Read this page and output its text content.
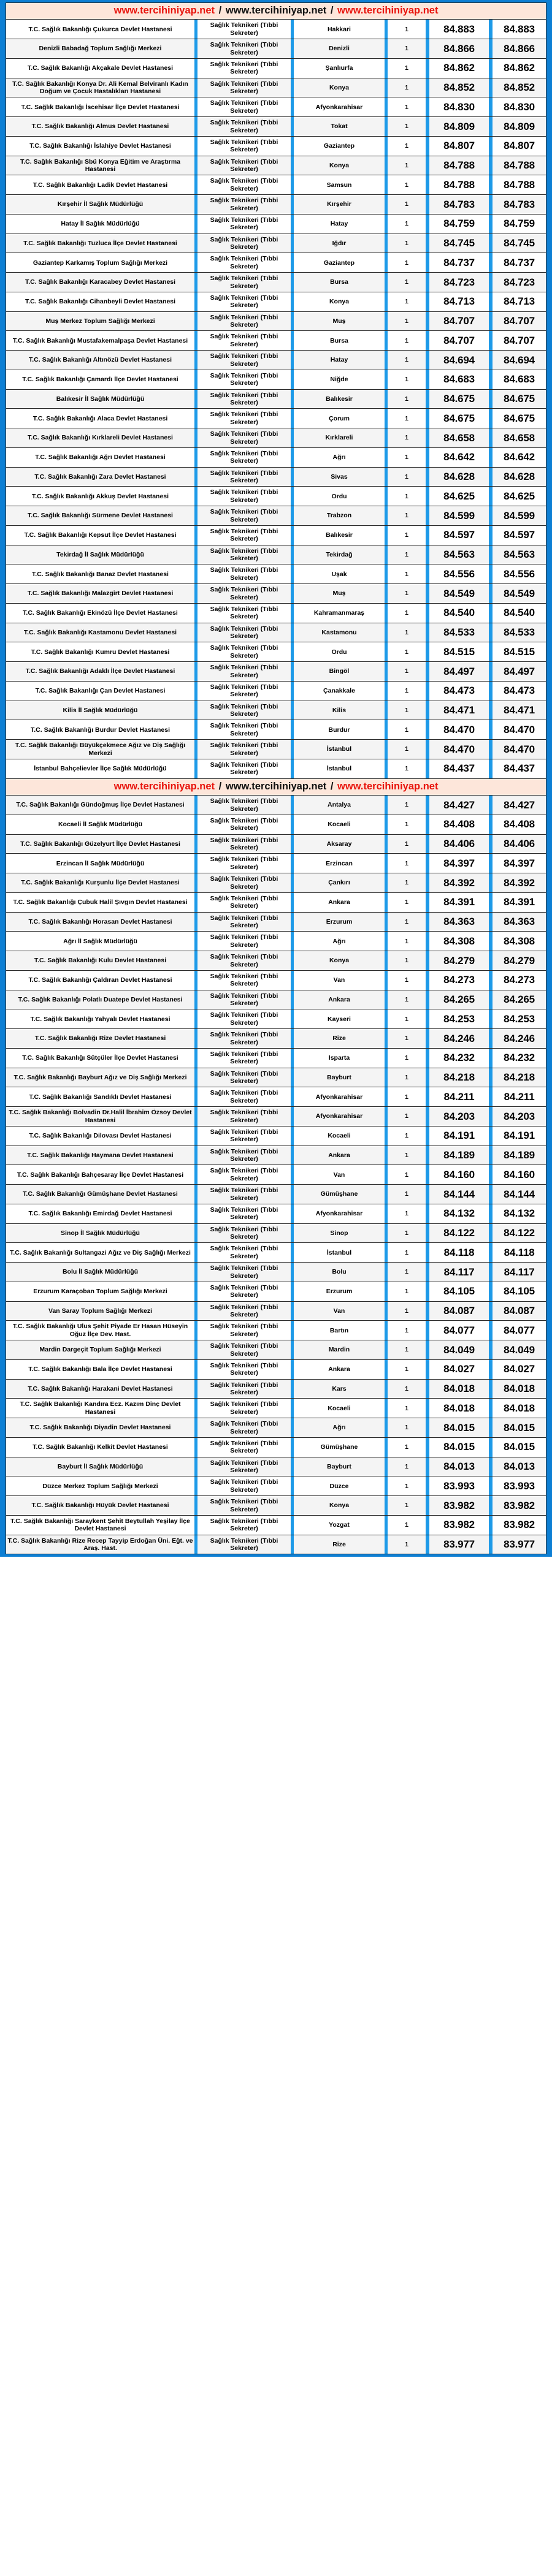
www.tercihiniyap.net / www.tercihiniyap.net / www.tercihiniyap.net										

T.C. Sağlık Bakanlığı Çukurca Devlet Hastanesi		Sağlık Teknikeri (Tıbbi Sekreter)		Hakkari		1		84.883		84.883
Denizli Babadağ Toplum Sağlığı Merkezi		Sağlık Teknikeri (Tıbbi Sekreter)		Denizli		1		84.866		84.866
T.C. Sağlık Bakanlığı Akçakale Devlet Hastanesi		Sağlık Teknikeri (Tıbbi Sekreter)		Şanlıurfa		1		84.862		84.862
T.C. Sağlık Bakanlığı Konya Dr. Ali Kemal Belviranlı Kadın Doğum ve Çocuk Hastalıkları Hastanesi		Sağlık Teknikeri (Tıbbi Sekreter)		Konya		1		84.852		84.852
T.C. Sağlık Bakanlığı İscehisar İlçe Devlet Hastanesi		Sağlık Teknikeri (Tıbbi Sekreter)		Afyonkarahisar		1		84.830		84.830
T.C. Sağlık Bakanlığı Almus Devlet Hastanesi		Sağlık Teknikeri (Tıbbi Sekreter)		Tokat		1		84.809		84.809
T.C. Sağlık Bakanlığı İslahiye Devlet Hastanesi		Sağlık Teknikeri (Tıbbi Sekreter)		Gaziantep		1		84.807		84.807
T.C. Sağlık Bakanlığı Sbü Konya Eğitim ve Araştırma Hastanesi		Sağlık Teknikeri (Tıbbi Sekreter)		Konya		1		84.788		84.788
T.C. Sağlık Bakanlığı Ladik Devlet Hastanesi		Sağlık Teknikeri (Tıbbi Sekreter)		Samsun		1		84.788		84.788
Kırşehir İl Sağlık Müdürlüğü		Sağlık Teknikeri (Tıbbi Sekreter)		Kırşehir		1		84.783		84.783
Hatay İl Sağlık Müdürlüğü		Sağlık Teknikeri (Tıbbi Sekreter)		Hatay		1		84.759		84.759
T.C. Sağlık Bakanlığı Tuzluca İlçe Devlet Hastanesi		Sağlık Teknikeri (Tıbbi Sekreter)		Iğdır		1		84.745		84.745
Gaziantep Karkamış Toplum Sağlığı Merkezi		Sağlık Teknikeri (Tıbbi Sekreter)		Gaziantep		1		84.737		84.737
T.C. Sağlık Bakanlığı Karacabey Devlet Hastanesi		Sağlık Teknikeri (Tıbbi Sekreter)		Bursa		1		84.723		84.723
T.C. Sağlık Bakanlığı Cihanbeyli Devlet Hastanesi		Sağlık Teknikeri (Tıbbi Sekreter)		Konya		1		84.713		84.713
Muş Merkez Toplum Sağlığı Merkezi		Sağlık Teknikeri (Tıbbi Sekreter)		Muş		1		84.707		84.707
T.C. Sağlık Bakanlığı Mustafakemalpaşa Devlet Hastanesi		Sağlık Teknikeri (Tıbbi Sekreter)		Bursa		1		84.707		84.707
T.C. Sağlık Bakanlığı Altınözü Devlet Hastanesi		Sağlık Teknikeri (Tıbbi Sekreter)		Hatay		1		84.694		84.694
T.C. Sağlık Bakanlığı Çamardı İlçe Devlet Hastanesi		Sağlık Teknikeri (Tıbbi Sekreter)		Niğde		1		84.683		84.683
Balıkesir İl Sağlık Müdürlüğü		Sağlık Teknikeri (Tıbbi Sekreter)		Balıkesir		1		84.675		84.675
T.C. Sağlık Bakanlığı Alaca Devlet Hastanesi		Sağlık Teknikeri (Tıbbi Sekreter)		Çorum		1		84.675		84.675
T.C. Sağlık Bakanlığı Kırklareli Devlet Hastanesi		Sağlık Teknikeri (Tıbbi Sekreter)		Kırklareli		1		84.658		84.658
T.C. Sağlık Bakanlığı Ağrı Devlet Hastanesi		Sağlık Teknikeri (Tıbbi Sekreter)		Ağrı		1		84.642		84.642
T.C. Sağlık Bakanlığı Zara Devlet Hastanesi		Sağlık Teknikeri (Tıbbi Sekreter)		Sivas		1		84.628		84.628
T.C. Sağlık Bakanlığı Akkuş Devlet Hastanesi		Sağlık Teknikeri (Tıbbi Sekreter)		Ordu		1		84.625		84.625
T.C. Sağlık Bakanlığı Sürmene Devlet Hastanesi		Sağlık Teknikeri (Tıbbi Sekreter)		Trabzon		1		84.599		84.599
T.C. Sağlık Bakanlığı Kepsut İlçe Devlet Hastanesi		Sağlık Teknikeri (Tıbbi Sekreter)		Balıkesir		1		84.597		84.597
Tekirdağ İl Sağlık Müdürlüğü		Sağlık Teknikeri (Tıbbi Sekreter)		Tekirdağ		1		84.563		84.563
T.C. Sağlık Bakanlığı Banaz Devlet Hastanesi		Sağlık Teknikeri (Tıbbi Sekreter)		Uşak		1		84.556		84.556
T.C. Sağlık Bakanlığı Malazgirt Devlet Hastanesi		Sağlık Teknikeri (Tıbbi Sekreter)		Muş		1		84.549		84.549
T.C. Sağlık Bakanlığı Ekinözü İlçe Devlet Hastanesi		Sağlık Teknikeri (Tıbbi Sekreter)		Kahramanmaraş		1		84.540		84.540
T.C. Sağlık Bakanlığı Kastamonu Devlet Hastanesi		Sağlık Teknikeri (Tıbbi Sekreter)		Kastamonu		1		84.533		84.533
T.C. Sağlık Bakanlığı Kumru Devlet Hastanesi		Sağlık Teknikeri (Tıbbi Sekreter)		Ordu		1		84.515		84.515
T.C. Sağlık Bakanlığı Adaklı İlçe Devlet Hastanesi		Sağlık Teknikeri (Tıbbi Sekreter)		Bingöl		1		84.497		84.497
T.C. Sağlık Bakanlığı Çan Devlet Hastanesi		Sağlık Teknikeri (Tıbbi Sekreter)		Çanakkale		1		84.473		84.473
Kilis İl Sağlık Müdürlüğü		Sağlık Teknikeri (Tıbbi Sekreter)		Kilis		1		84.471		84.471
T.C. Sağlık Bakanlığı Burdur Devlet Hastanesi		Sağlık Teknikeri (Tıbbi Sekreter)		Burdur		1		84.470		84.470
T.C. Sağlık Bakanlığı Büyükçekmece Ağız ve Diş Sağlığı Merkezi		Sağlık Teknikeri (Tıbbi Sekreter)		İstanbul		1		84.470		84.470
İstanbul Bahçelievler İlçe Sağlık Müdürlüğü		Sağlık Teknikeri (Tıbbi Sekreter)		İstanbul		1		84.437		84.437

www.tercihiniyap.net / www.tercihiniyap.net / www.tercihiniyap.net										

T.C. Sağlık Bakanlığı Gündoğmuş İlçe Devlet Hastanesi		Sağlık Teknikeri (Tıbbi Sekreter)		Antalya		1		84.427		84.427
Kocaeli İl Sağlık Müdürlüğü		Sağlık Teknikeri (Tıbbi Sekreter)		Kocaeli		1		84.408		84.408
T.C. Sağlık Bakanlığı Güzelyurt İlçe Devlet Hastanesi		Sağlık Teknikeri (Tıbbi Sekreter)		Aksaray		1		84.406		84.406
Erzincan İl Sağlık Müdürlüğü		Sağlık Teknikeri (Tıbbi Sekreter)		Erzincan		1		84.397		84.397
T.C. Sağlık Bakanlığı Kurşunlu İlçe Devlet Hastanesi		Sağlık Teknikeri (Tıbbi Sekreter)		Çankırı		1		84.392		84.392
T.C. Sağlık Bakanlığı Çubuk Halil Şıvgın Devlet Hastanesi		Sağlık Teknikeri (Tıbbi Sekreter)		Ankara		1		84.391		84.391
T.C. Sağlık Bakanlığı Horasan Devlet Hastanesi		Sağlık Teknikeri (Tıbbi Sekreter)		Erzurum		1		84.363		84.363
Ağrı İl Sağlık Müdürlüğü		Sağlık Teknikeri (Tıbbi Sekreter)		Ağrı		1		84.308		84.308
T.C. Sağlık Bakanlığı Kulu Devlet Hastanesi		Sağlık Teknikeri (Tıbbi Sekreter)		Konya		1		84.279		84.279
T.C. Sağlık Bakanlığı Çaldıran Devlet Hastanesi		Sağlık Teknikeri (Tıbbi Sekreter)		Van		1		84.273		84.273
T.C. Sağlık Bakanlığı Polatlı Duatepe Devlet Hastanesi		Sağlık Teknikeri (Tıbbi Sekreter)		Ankara		1		84.265		84.265
T.C. Sağlık Bakanlığı Yahyalı Devlet Hastanesi		Sağlık Teknikeri (Tıbbi Sekreter)		Kayseri		1		84.253		84.253
T.C. Sağlık Bakanlığı Rize Devlet Hastanesi		Sağlık Teknikeri (Tıbbi Sekreter)		Rize		1		84.246		84.246
T.C. Sağlık Bakanlığı Sütçüler İlçe Devlet Hastanesi		Sağlık Teknikeri (Tıbbi Sekreter)		Isparta		1		84.232		84.232
T.C. Sağlık Bakanlığı Bayburt Ağız ve Diş Sağlığı Merkezi		Sağlık Teknikeri (Tıbbi Sekreter)		Bayburt		1		84.218		84.218
T.C. Sağlık Bakanlığı Sandıklı Devlet Hastanesi		Sağlık Teknikeri (Tıbbi Sekreter)		Afyonkarahisar		1		84.211		84.211
T.C. Sağlık Bakanlığı Bolvadin Dr.Halil İbrahim Özsoy Devlet Hastanesi		Sağlık Teknikeri (Tıbbi Sekreter)		Afyonkarahisar		1		84.203		84.203
T.C. Sağlık Bakanlığı Dilovası Devlet Hastanesi		Sağlık Teknikeri (Tıbbi Sekreter)		Kocaeli		1		84.191		84.191
T.C. Sağlık Bakanlığı Haymana Devlet Hastanesi		Sağlık Teknikeri (Tıbbi Sekreter)		Ankara		1		84.189		84.189
T.C. Sağlık Bakanlığı Bahçesaray İlçe Devlet Hastanesi		Sağlık Teknikeri (Tıbbi Sekreter)		Van		1		84.160		84.160
T.C. Sağlık Bakanlığı Gümüşhane Devlet Hastanesi		Sağlık Teknikeri (Tıbbi Sekreter)		Gümüşhane		1		84.144		84.144
T.C. Sağlık Bakanlığı Emirdağ Devlet Hastanesi		Sağlık Teknikeri (Tıbbi Sekreter)		Afyonkarahisar		1		84.132		84.132
Sinop İl Sağlık Müdürlüğü		Sağlık Teknikeri (Tıbbi Sekreter)		Sinop		1		84.122		84.122
T.C. Sağlık Bakanlığı Sultangazi Ağız ve Diş Sağlığı Merkezi		Sağlık Teknikeri (Tıbbi Sekreter)		İstanbul		1		84.118		84.118
Bolu İl Sağlık Müdürlüğü		Sağlık Teknikeri (Tıbbi Sekreter)		Bolu		1		84.117		84.117
Erzurum Karaçoban Toplum Sağlığı Merkezi		Sağlık Teknikeri (Tıbbi Sekreter)		Erzurum		1		84.105		84.105
Van Saray Toplum Sağlığı Merkezi		Sağlık Teknikeri (Tıbbi Sekreter)		Van		1		84.087		84.087
T.C. Sağlık Bakanlığı Ulus Şehit Piyade Er Hasan Hüseyin Oğuz İlçe Dev. Hast.		Sağlık Teknikeri (Tıbbi Sekreter)		Bartın		1		84.077		84.077
Mardin Dargeçit Toplum Sağlığı Merkezi		Sağlık Teknikeri (Tıbbi Sekreter)		Mardin		1		84.049		84.049
T.C. Sağlık Bakanlığı Bala İlçe Devlet Hastanesi		Sağlık Teknikeri (Tıbbi Sekreter)		Ankara		1		84.027		84.027
T.C. Sağlık Bakanlığı Harakani Devlet Hastanesi		Sağlık Teknikeri (Tıbbi Sekreter)		Kars		1		84.018		84.018
T.C. Sağlık Bakanlığı Kandıra Ecz. Kazım Dinç Devlet Hastanesi		Sağlık Teknikeri (Tıbbi Sekreter)		Kocaeli		1		84.018		84.018
T.C. Sağlık Bakanlığı Diyadin Devlet Hastanesi		Sağlık Teknikeri (Tıbbi Sekreter)		Ağrı		1		84.015		84.015
T.C. Sağlık Bakanlığı Kelkit Devlet Hastanesi		Sağlık Teknikeri (Tıbbi Sekreter)		Gümüşhane		1		84.015		84.015
Bayburt İl Sağlık Müdürlüğü		Sağlık Teknikeri (Tıbbi Sekreter)		Bayburt		1		84.013		84.013
Düzce Merkez Toplum Sağlığı Merkezi		Sağlık Teknikeri (Tıbbi Sekreter)		Düzce		1		83.993		83.993
T.C. Sağlık Bakanlığı Hüyük Devlet Hastanesi		Sağlık Teknikeri (Tıbbi Sekreter)		Konya		1		83.982		83.982
T.C. Sağlık Bakanlığı Saraykent Şehit Beytullah Yeşilay İlçe Devlet Hastanesi		Sağlık Teknikeri (Tıbbi Sekreter)		Yozgat		1		83.982		83.982
T.C. Sağlık Bakanlığı Rize Recep Tayyip Erdoğan Üni. Eğt. ve Araş. Hast.		Sağlık Teknikeri (Tıbbi Sekreter)		Rize		1		83.977		83.977
